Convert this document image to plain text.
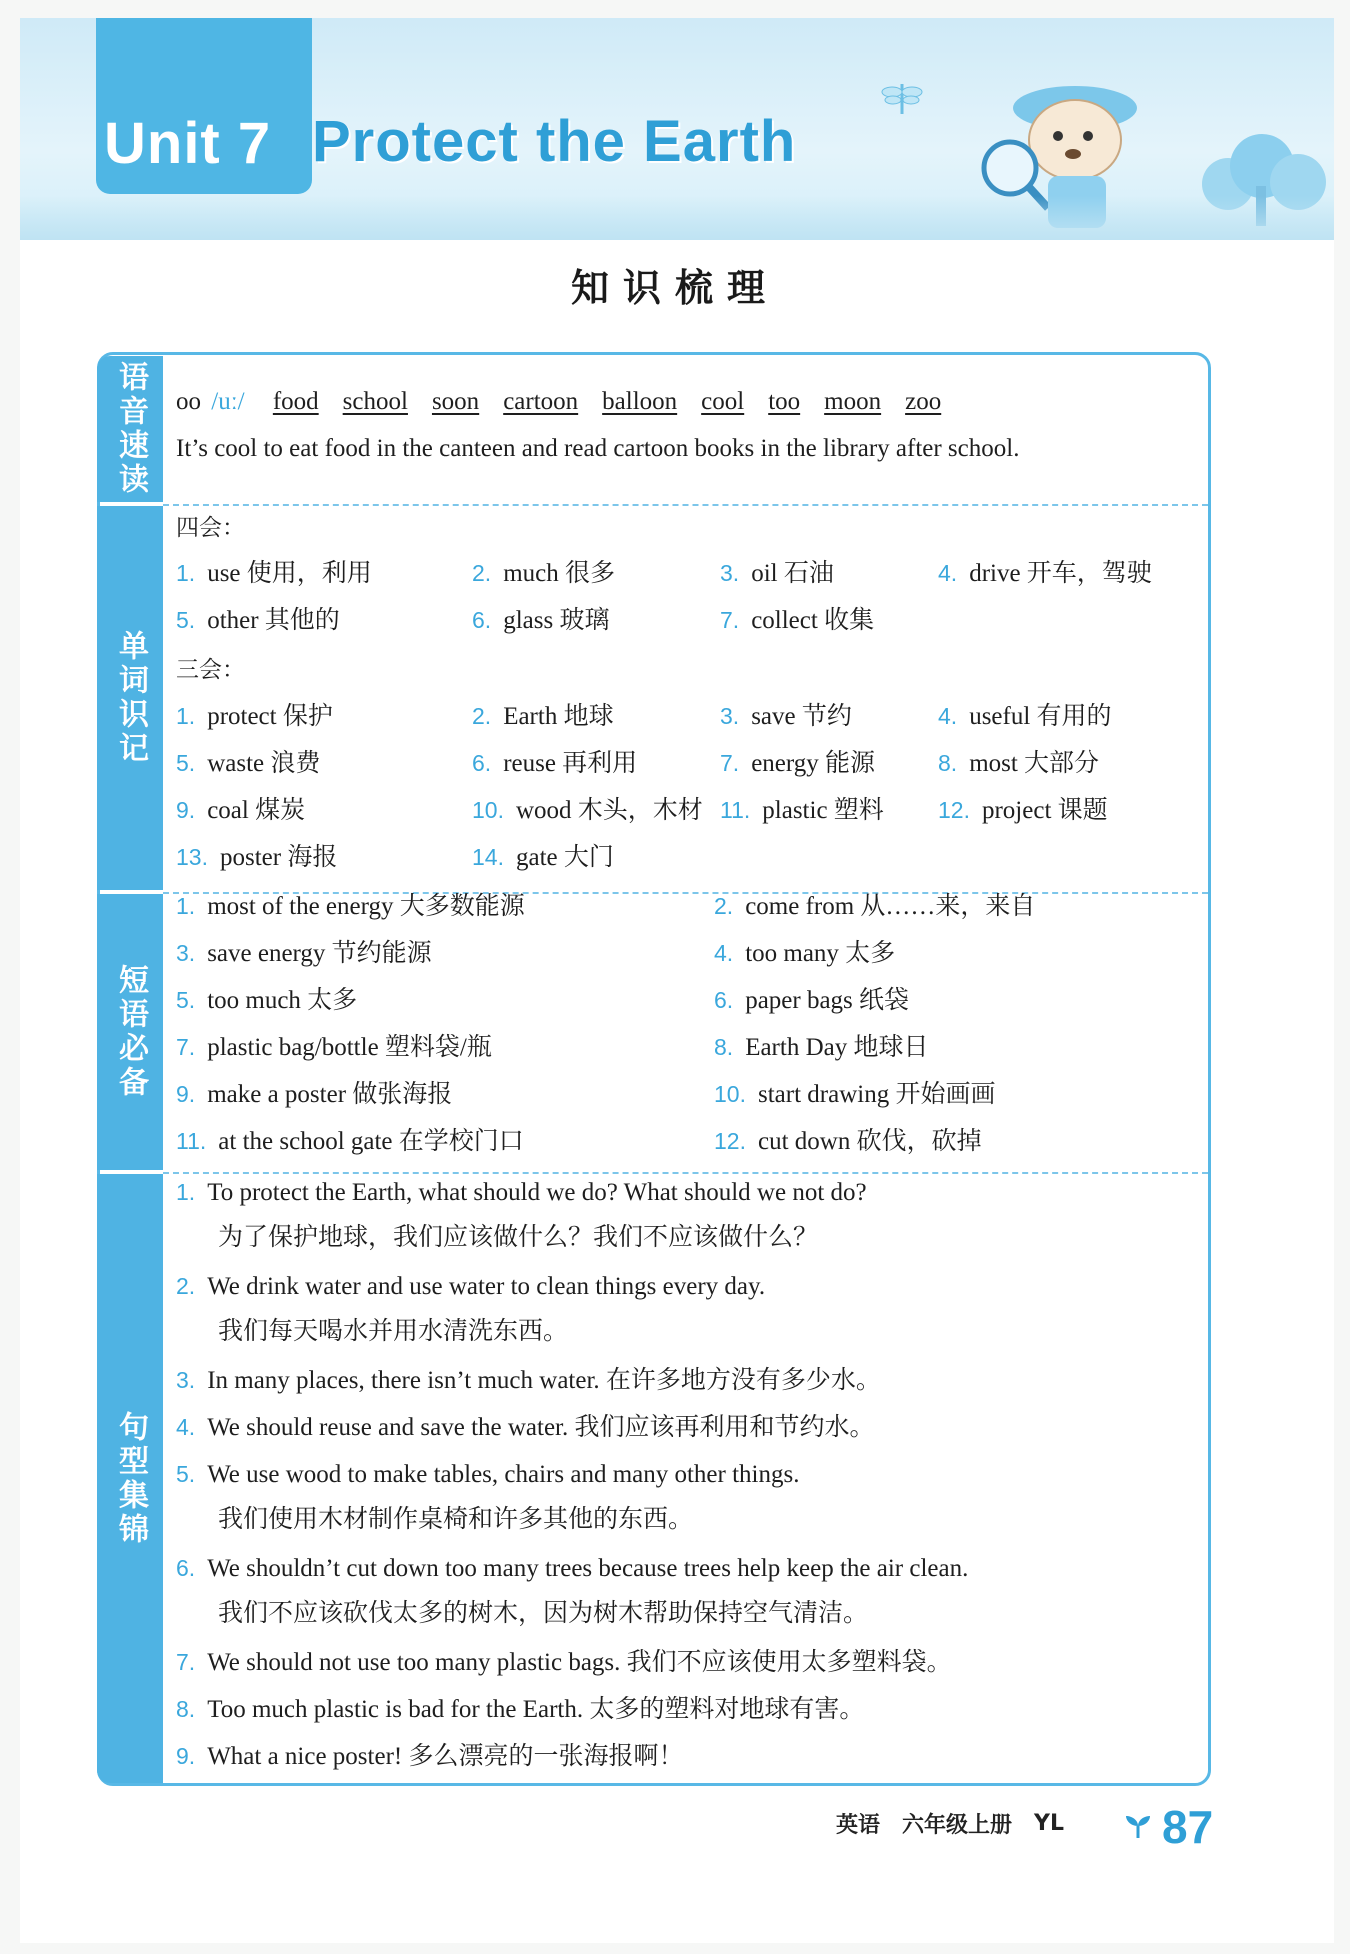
Unit 7 Protect the Earth
知识梳理
语音速读
单词识记
短语必备
句型集锦
oo /uː/ food school soon cartoon balloon cool too moon zoo
It’s cool to eat food in the canteen and read cartoon books in the library after school.
四会：
1. use 使用，利用	2. much 很多	3. oil 石油	4. drive 开车，驾驶
5. other 其他的	6. glass 玻璃	7. collect 收集
三会：
1. protect 保护	2. Earth 地球	3. save 节约	4. useful 有用的
5. waste 浪费	6. reuse 再利用	7. energy 能源	8. most 大部分
9. coal 煤炭	10. wood 木头，木材 11. plastic 塑料 12. project 课题
13. poster 海报	14. gate 大门
1. most of the energy 大多数能源	2. come from 从……来，来自
3. save energy 节约能源	4. too many 太多
5. too much 太多	6. paper bags 纸袋
7. plastic bag/bottle 塑料袋/瓶	8. Earth Day 地球日
9. make a poster 做张海报	10. start drawing 开始画画
11. at the school gate 在学校门口	12. cut down 砍伐，砍掉
1. To protect the Earth, what should we do? What should we not do?
为了保护地球，我们应该做什么？我们不应该做什么？
2. We drink water and use water to clean things every day.
我们每天喝水并用水清洗东西。
3. In many places, there isn’t much water. 在许多地方没有多少水。
4. We should reuse and save the water. 我们应该再利用和节约水。
5. We use wood to make tables, chairs and many other things.
我们使用木材制作桌椅和许多其他的东西。
6. We shouldn’t cut down too many trees because trees help keep the air clean.
我们不应该砍伐太多的树木，因为树木帮助保持空气清洁。
7. We should not use too many plastic bags. 我们不应该使用太多塑料袋。
8. Too much plastic is bad for the Earth. 太多的塑料对地球有害。
9. What a nice poster! 多么漂亮的一张海报啊！
英语 六年级上册 YL 87
